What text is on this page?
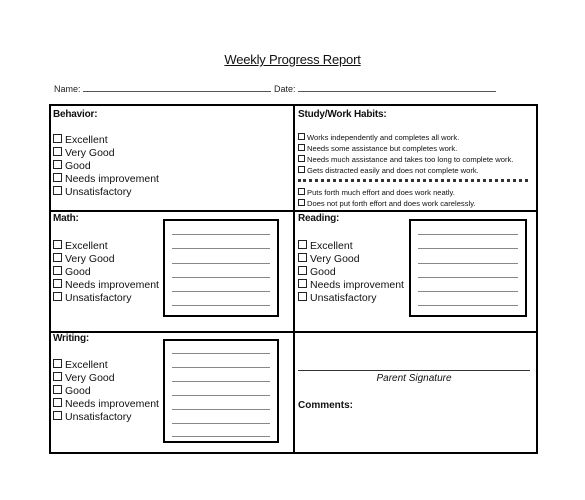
Weekly Progress Report
Name:	Date:
Behavior:
Excellent
Very Good
Good
Needs improvement
Unsatisfactory
Study/Work Habits:
Works independently and completes all work.
Needs some assistance but completes work.
Needs much assistance and takes too long to complete work.
Gets distracted easily and does not complete work.
Puts forth much effort and does work neatly.
Does not put forth effort and does work carelessly.
Math:
Excellent
Very Good
Good
Needs improvement
Unsatisfactory
Reading:
Excellent
Very Good
Good
Needs improvement
Unsatisfactory
Writing:
Excellent
Very Good
Good
Needs improvement
Unsatisfactory
Parent Signature
Comments:
